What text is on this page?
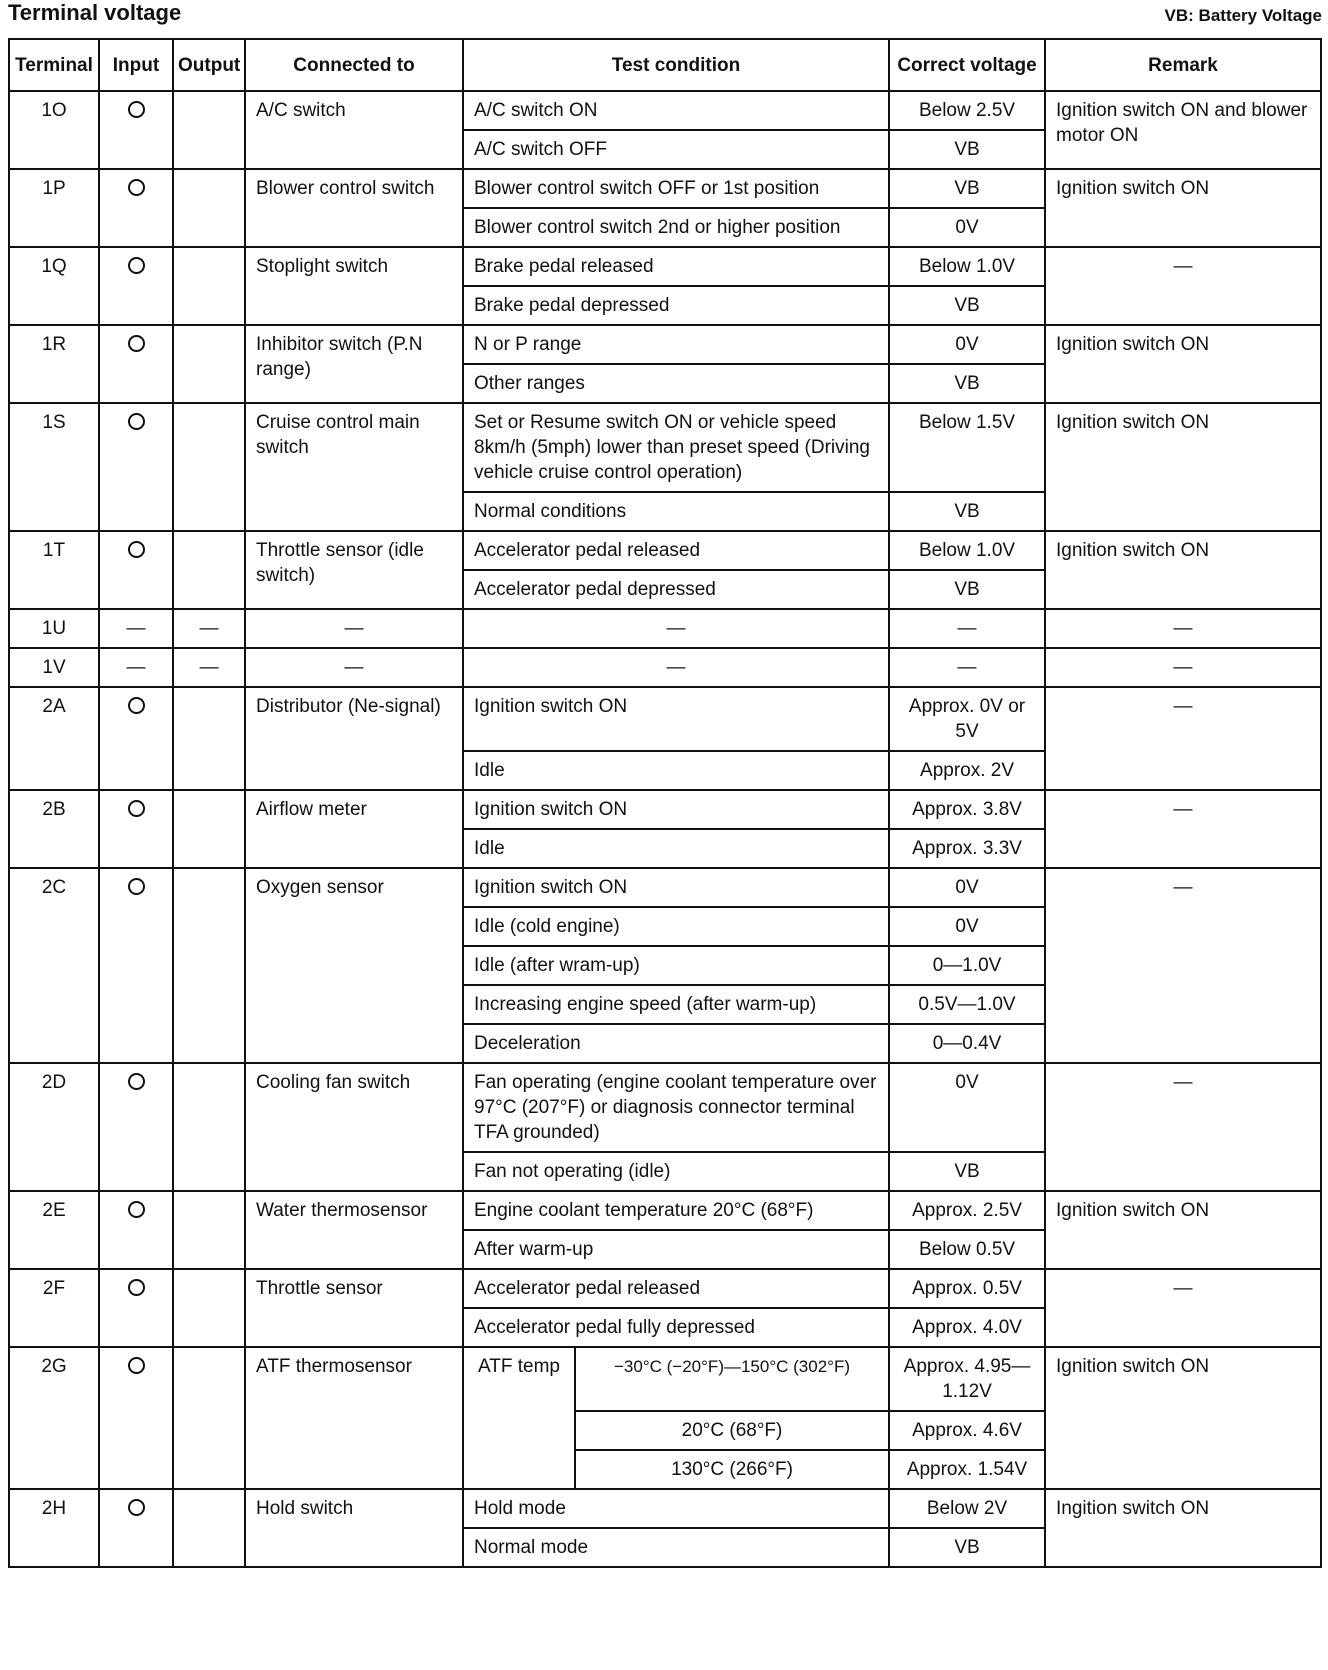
Terminal voltage	VB: Battery Voltage
Terminal	Input	Output	Connected to	Test condition		Correct voltage	Remark
1O			A/C switch	A/C switch ON		Below 2.5V	Ignition switch ON and blower motor ON
				A/C switch OFF		VB	
1P			Blower control switch	Blower control switch OFF or 1st position		VB	Ignition switch ON
				Blower control switch 2nd or higher position		0V	
1Q			Stoplight switch	Brake pedal released		Below 1.0V	—
				Brake pedal depressed		VB	
1R			Inhibitor switch (P.N range)	N or P range		0V	Ignition switch ON
				Other ranges		VB	
1S			Cruise control main switch	Set or Resume switch ON or vehicle speed 8km/h (5mph) lower than preset speed (Driving vehicle cruise control operation)		Below 1.5V	Ignition switch ON
				Normal conditions		VB	
1T			Throttle sensor (idle switch)	Accelerator pedal released		Below 1.0V	Ignition switch ON
				Accelerator pedal depressed		VB	
1U	—	—	—	—		—	—
1V	—	—	—	—		—	—
2A			Distributor (Ne-signal)	Ignition switch ON		Approx. 0V or 5V	—
				Idle		Approx. 2V	
2B			Airflow meter	Ignition switch ON		Approx. 3.8V	—
				Idle		Approx. 3.3V	
2C			Oxygen sensor	Ignition switch ON		0V	—
				Idle (cold engine)		0V	
				Idle (after wram-up)		0—1.0V	
				Increasing engine speed (after warm-up)		0.5V—1.0V	
				Deceleration		0—0.4V	
2D			Cooling fan switch	Fan operating (engine coolant temperature over 97°C (207°F) or diagnosis connector terminal TFA grounded)		0V	—
				Fan not operating (idle)		VB	
2E			Water thermosensor	Engine coolant temperature 20°C (68°F)		Approx. 2.5V	Ignition switch ON
				After warm-up		Below 0.5V	
2F			Throttle sensor	Accelerator pedal released		Approx. 0.5V	—
				Accelerator pedal fully depressed		Approx. 4.0V	
2G			ATF thermosensor	ATF temp	−30°C (−20°F)—150°C (302°F)	Approx. 4.95—1.12V	Ignition switch ON
					20°C (68°F)	Approx. 4.6V	
					130°C (266°F)	Approx. 1.54V	
2H			Hold switch	Hold mode		Below 2V	Ingition switch ON
				Normal mode		VB	
